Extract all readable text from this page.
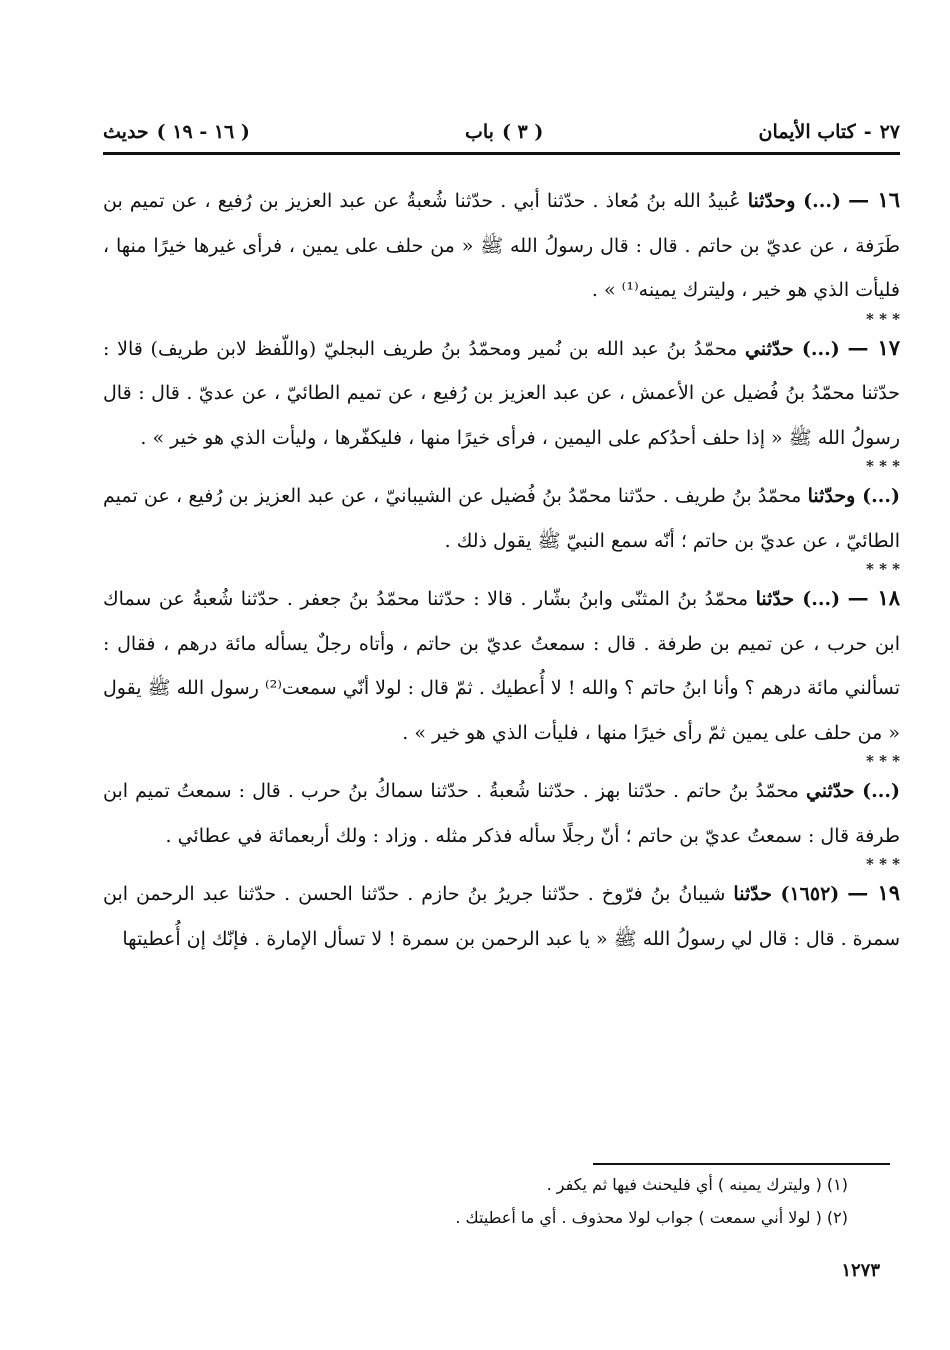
٢٧
-
كتاب الأيمان
( ٣ )
باب
( ١٦ - ١٩ )
حديث

١٦ — (...) وحدّثنا عُبيدُ الله بنُ مُعاذ . حدّثنا أبي . حدّثنا شُعبةُ عن عبد العزيز بن رُفيع ، عن تميم بن طَرَفة ، عن عديّ بن حاتم . قال : قال رسولُ الله ﷺ « من حلف على يمين ، فرأى غيرها خيرًا منها ، فليأت الذي هو خير ، وليترك يمينه⁽¹⁾ » .

* * *

١٧ — (...) حدّثني محمّدُ بنُ عبد الله بن نُمير ومحمّدُ بنُ طريف البجليّ (واللّفظ لابن طريف) قالا : حدّثنا محمّدُ بنُ فُضيل عن الأعمش ، عن عبد العزيز بن رُفيع ، عن تميم الطائيّ ، عن عديّ . قال : قال رسولُ الله ﷺ « إذا حلف أحدُكم على اليمين ، فرأى خيرًا منها ، فليكفّرها ، وليأت الذي هو خير » .

* * *

(...) وحدّثنا محمّدُ بنُ طريف . حدّثنا محمّدُ بنُ فُضيل عن الشيبانيّ ، عن عبد العزيز بن رُفيع ، عن تميم الطائيّ ، عن عديّ بن حاتم ؛ أنّه سمع النبيّ ﷺ يقول ذلك .

* * *

١٨ — (...) حدّثنا محمّدُ بنُ المثنّى وابنُ بشّار . قالا : حدّثنا محمّدُ بنُ جعفر . حدّثنا شُعبةُ عن سماك ابن حرب ، عن تميم بن طرفة . قال : سمعتُ عديّ بن حاتم ، وأتاه رجلٌ يسأله مائة درهم ، فقال : تسألني مائة درهم ؟ وأنا ابنُ حاتم ؟ والله ! لا أُعطيك . ثمّ قال : لولا أنّي سمعت⁽²⁾ رسول الله ﷺ يقول « من حلف على يمين ثمّ رأى خيرًا منها ، فليأت الذي هو خير » .

* * *

(...) حدّثني محمّدُ بنُ حاتم . حدّثنا بهز . حدّثنا شُعبةُ . حدّثنا سماكُ بنُ حرب . قال : سمعتُ تميم ابن طرفة قال : سمعتُ عديّ بن حاتم ؛ أنّ رجلًا سأله فذكر مثله . وزاد : ولك أربعمائة في عطائي .

* * *

١٩ — (١٦٥٢) حدّثنا شيبانُ بنُ فرّوخ . حدّثنا جريرُ بنُ حازم . حدّثنا الحسن . حدّثنا عبد الرحمن ابن سمرة . قال : قال لي رسولُ الله ﷺ « يا عبد الرحمن بن سمرة ! لا تسأل الإمارة . فإنّك إن أُعطيتها

(١) ( وليترك يمينه ) أي فليحنث فيها ثم يكفر .

(٢) ( لولا أني سمعت ) جواب لولا محذوف . أي ما أعطيتك .

١٢٧٣
